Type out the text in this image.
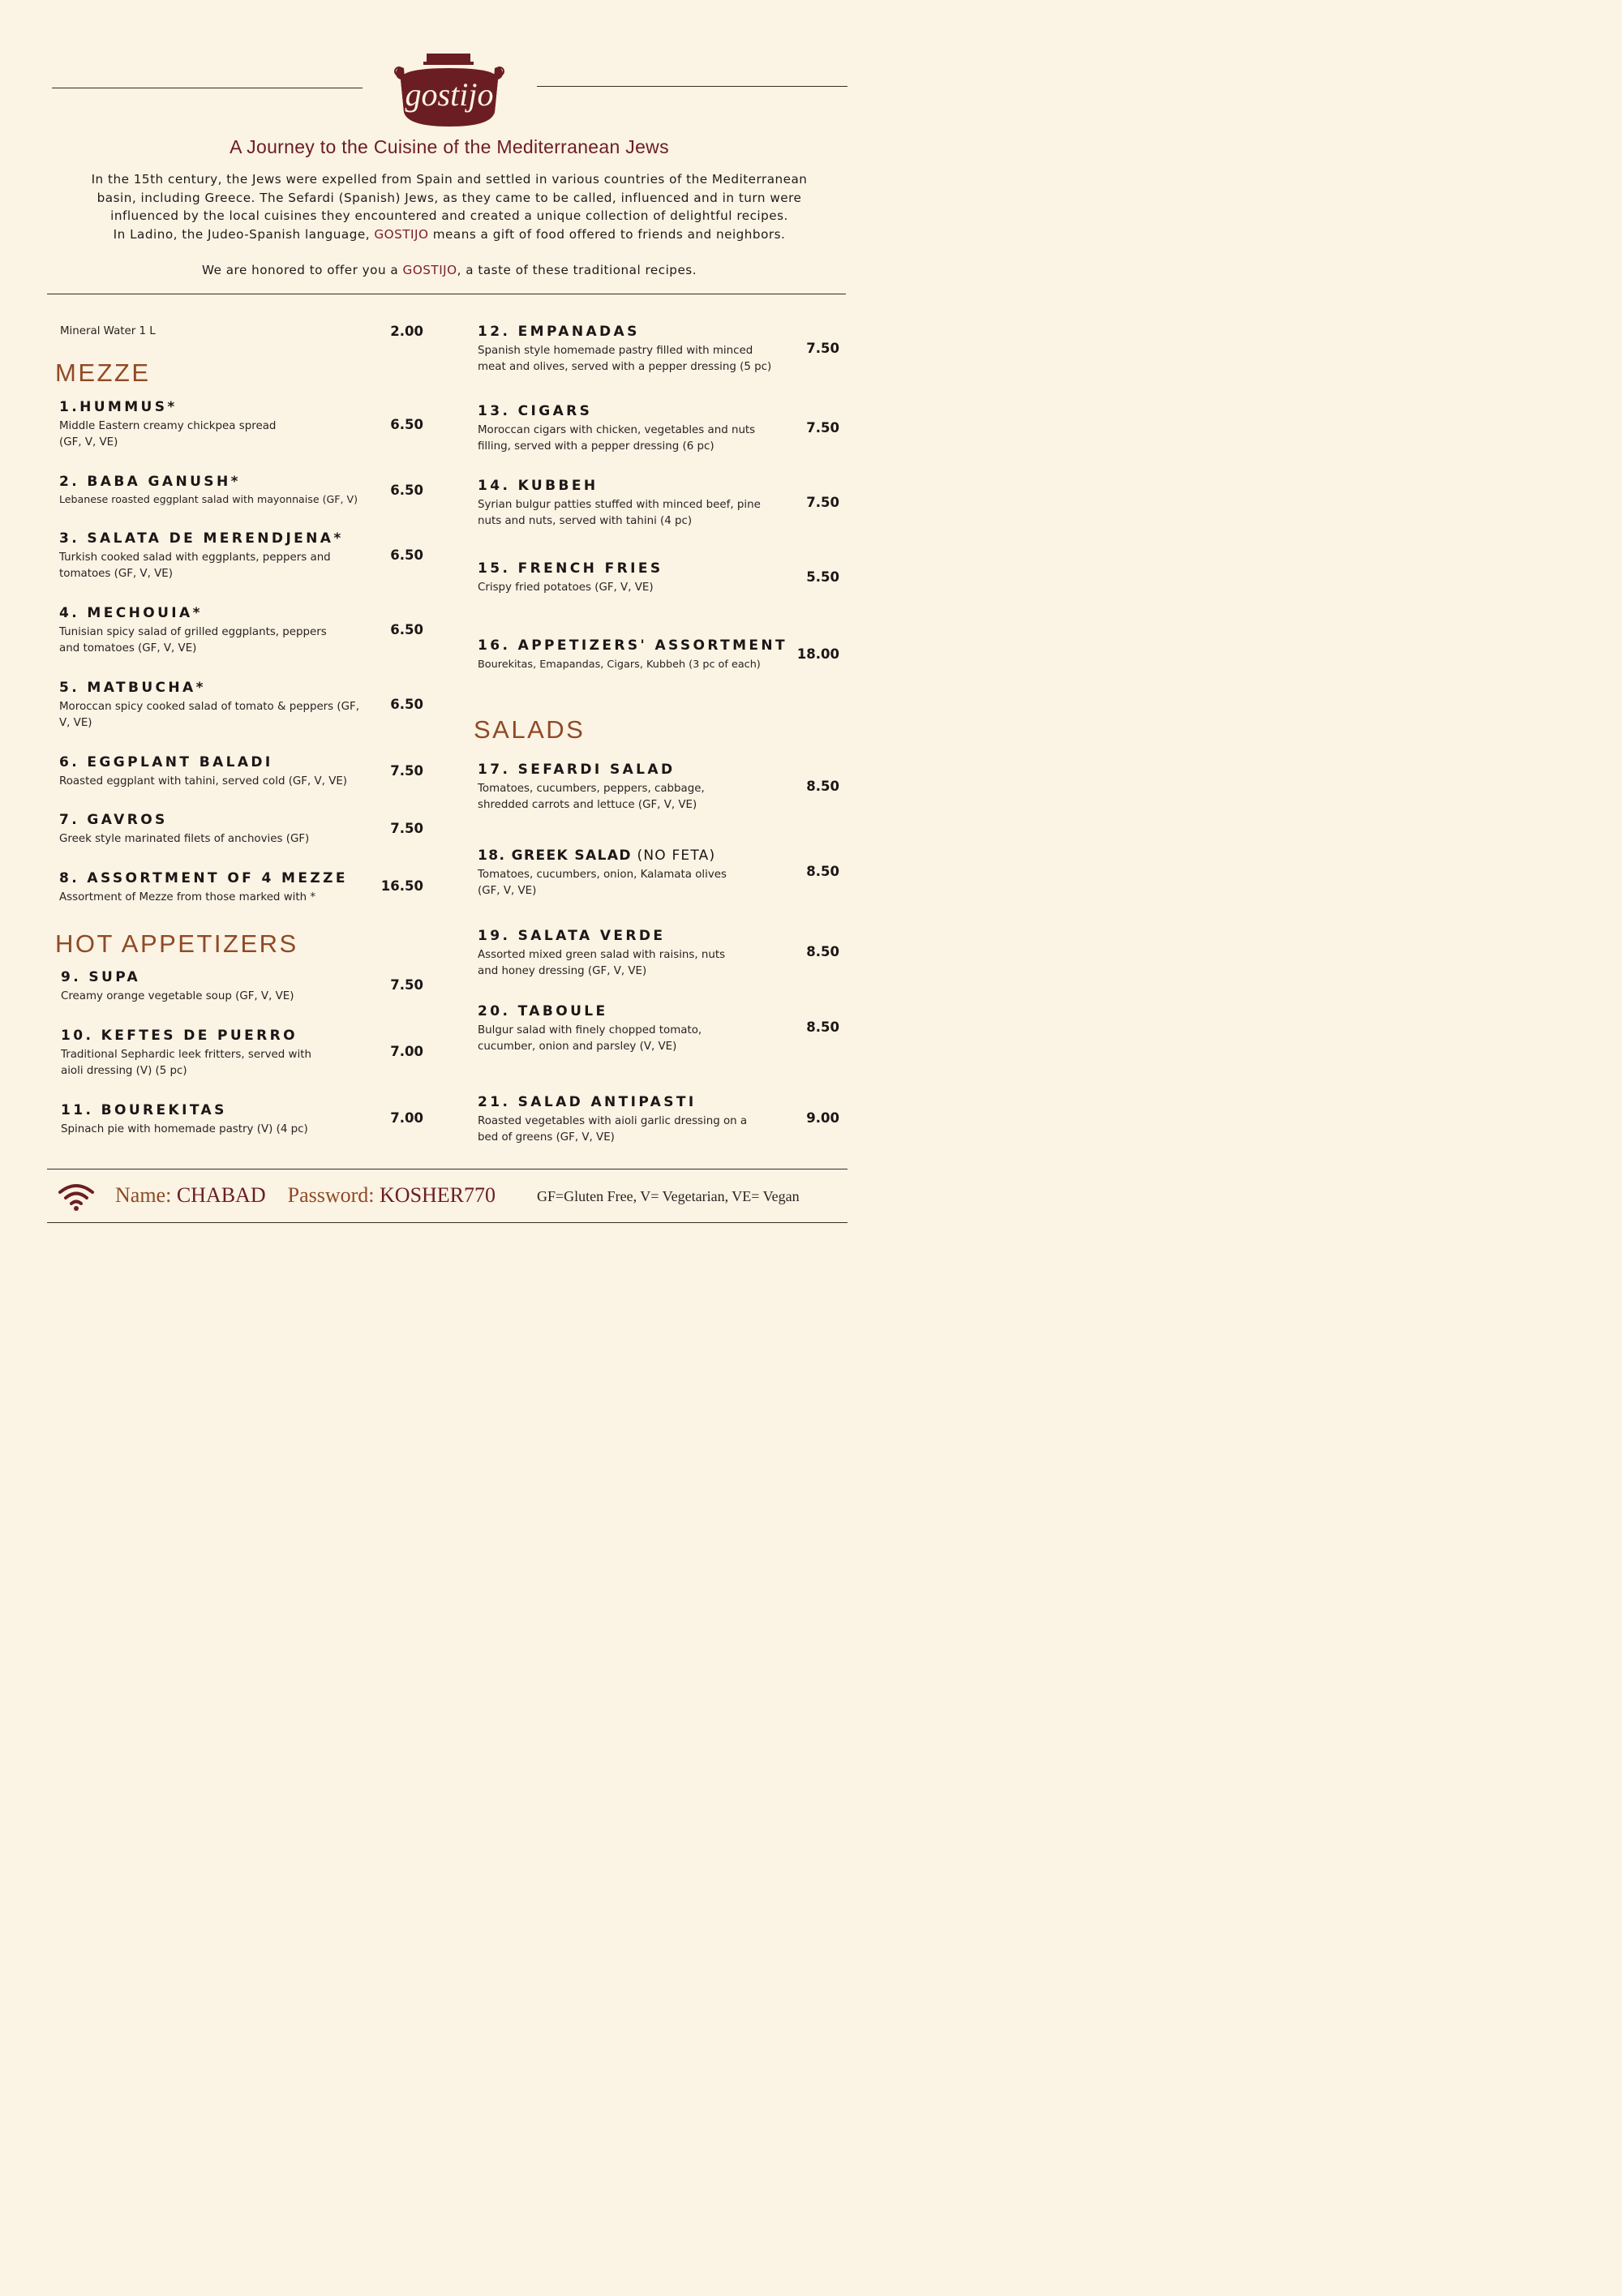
gostijo
A Journey to the Cuisine of the Mediterranean Jews
In the 15th century, the Jews were expelled from Spain and settled in various countries of the Mediterranean
basin, including Greece. The Sefardi (Spanish) Jews, as they came to be called, influenced and in turn were
influenced by the local cuisines they encountered and created a unique collection of delightful recipes.
In Ladino, the Judeo-Spanish language, GOSTIJO means a gift of food offered to friends and neighbors.
We are honored to offer you a GOSTIJO, a taste of these traditional recipes.
Mineral Water 1 L	2.00
MEZZE
HOT APPETIZERS
SALADS
1.HUMMUS*
Middle Eastern creamy chickpea spread
(GF, V, VE)
6.50
2. BABA GANUSH*
Lebanese roasted eggplant salad with mayonnaise (GF, V)
6.50
3. SALATA DE MERENDJENA*
Turkish cooked salad with eggplants, peppers and
tomatoes (GF, V, VE)
6.50
4. MECHOUIA*
Tunisian spicy salad of grilled eggplants, peppers
and tomatoes (GF, V, VE)
6.50
5. MATBUCHA*
Moroccan spicy cooked salad of tomato & peppers (GF,
V, VE)
6.50
6. EGGPLANT BALADI
Roasted eggplant with tahini, served cold (GF, V, VE)
7.50
7. GAVROS
Greek style marinated filets of anchovies (GF)
7.50
8. ASSORTMENT OF 4 MEZZE
Assortment of Mezze from those marked with *
16.50
9. SUPA
Creamy orange vegetable soup (GF, V, VE)
7.50
10. KEFTES DE PUERRO
Traditional Sephardic leek fritters, served with
aioli dressing (V) (5 pc)
7.00
11. BOUREKITAS
Spinach pie with homemade pastry (V) (4 pc)
7.00
12. EMPANADAS
Spanish style homemade pastry filled with minced
meat and olives, served with a pepper dressing (5 pc)
7.50
13. CIGARS
Moroccan cigars with chicken, vegetables and nuts
filling, served with a pepper dressing (6 pc)
7.50
14. KUBBEH
Syrian bulgur patties stuffed with minced beef, pine
nuts and nuts, served with tahini (4 pc)
7.50
15. FRENCH FRIES
Crispy fried potatoes (GF, V, VE)
5.50
16. APPETIZERS' ASSORTMENT
Bourekitas, Emapandas, Cigars, Kubbeh (3 pc of each)
18.00
17. SEFARDI SALAD
Tomatoes, cucumbers, peppers, cabbage,
shredded carrots and lettuce (GF, V, VE)
8.50
18. GREEK SALAD (NO FETA)
Tomatoes, cucumbers, onion, Kalamata olives
(GF, V, VE)
8.50
19. SALATA VERDE
Assorted mixed green salad with raisins, nuts
and honey dressing (GF, V, VE)
8.50
20. TABOULE
Bulgur salad with finely chopped tomato,
cucumber, onion and parsley (V, VE)
8.50
21. SALAD ANTIPASTI
Roasted vegetables with aioli garlic dressing on a
bed of greens (GF, V, VE)
9.00
Name: CHABAD Password: KOSHER770	GF=Gluten Free, V= Vegetarian, VE= Vegan
